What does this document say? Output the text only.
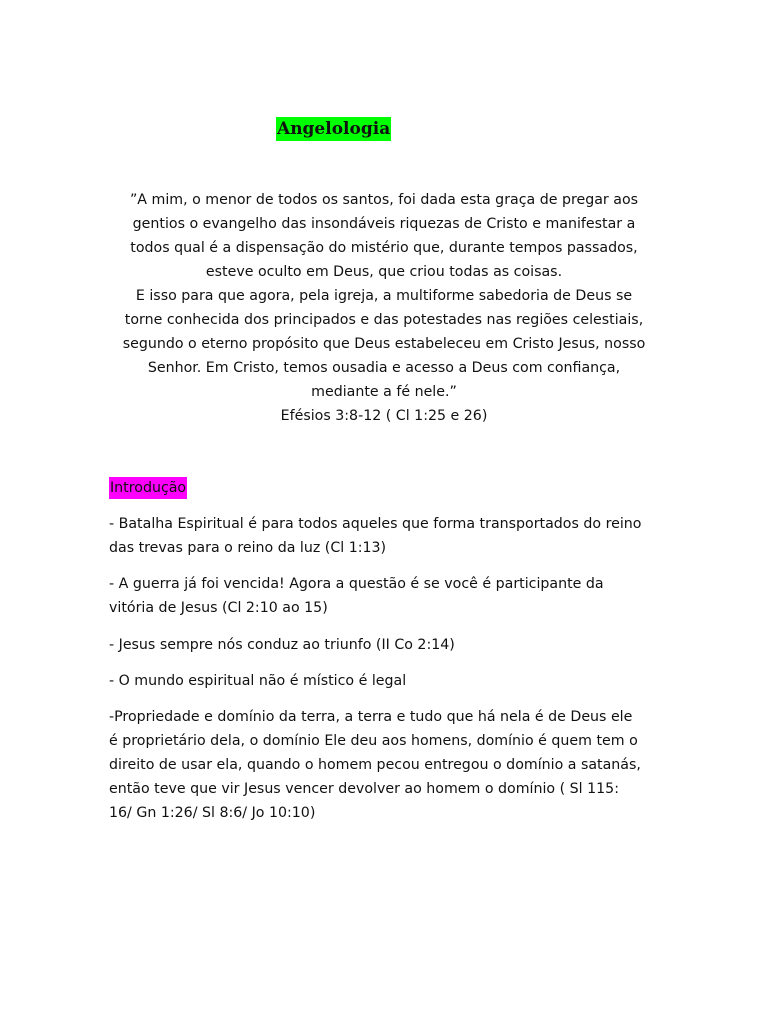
Angelologia
”A mim, o menor de todos os santos, foi dada esta graça de pregar aos
gentios o evangelho das insondáveis riquezas de Cristo e manifestar a
todos qual é a dispensação do mistério que, durante tempos passados,
esteve oculto em Deus, que criou todas as coisas.
E isso para que agora, pela igreja, a multiforme sabedoria de Deus se
torne conhecida dos principados e das potestades nas regiões celestiais,
segundo o eterno propósito que Deus estabeleceu em Cristo Jesus, nosso
Senhor. Em Cristo, temos ousadia e acesso a Deus com confiança,
mediante a fé nele.”
Efésios 3:8-12 ( Cl 1:25 e 26)
Introdução
- Batalha Espiritual é para todos aqueles que forma transportados do reino
das trevas para o reino da luz (Cl 1:13)
- A guerra já foi vencida! Agora a questão é se você é participante da
vitória de Jesus (Cl 2:10 ao 15)
- Jesus sempre nós conduz ao triunfo (II Co 2:14)
- O mundo espiritual não é místico é legal
-Propriedade e domínio da terra, a terra e tudo que há nela é de Deus ele
é proprietário dela, o domínio Ele deu aos homens, domínio é quem tem o
direito de usar ela, quando o homem pecou entregou o domínio a satanás,
então teve que vir Jesus vencer devolver ao homem o domínio ( Sl 115:
16/ Gn 1:26/ Sl 8:6/ Jo 10:10)
